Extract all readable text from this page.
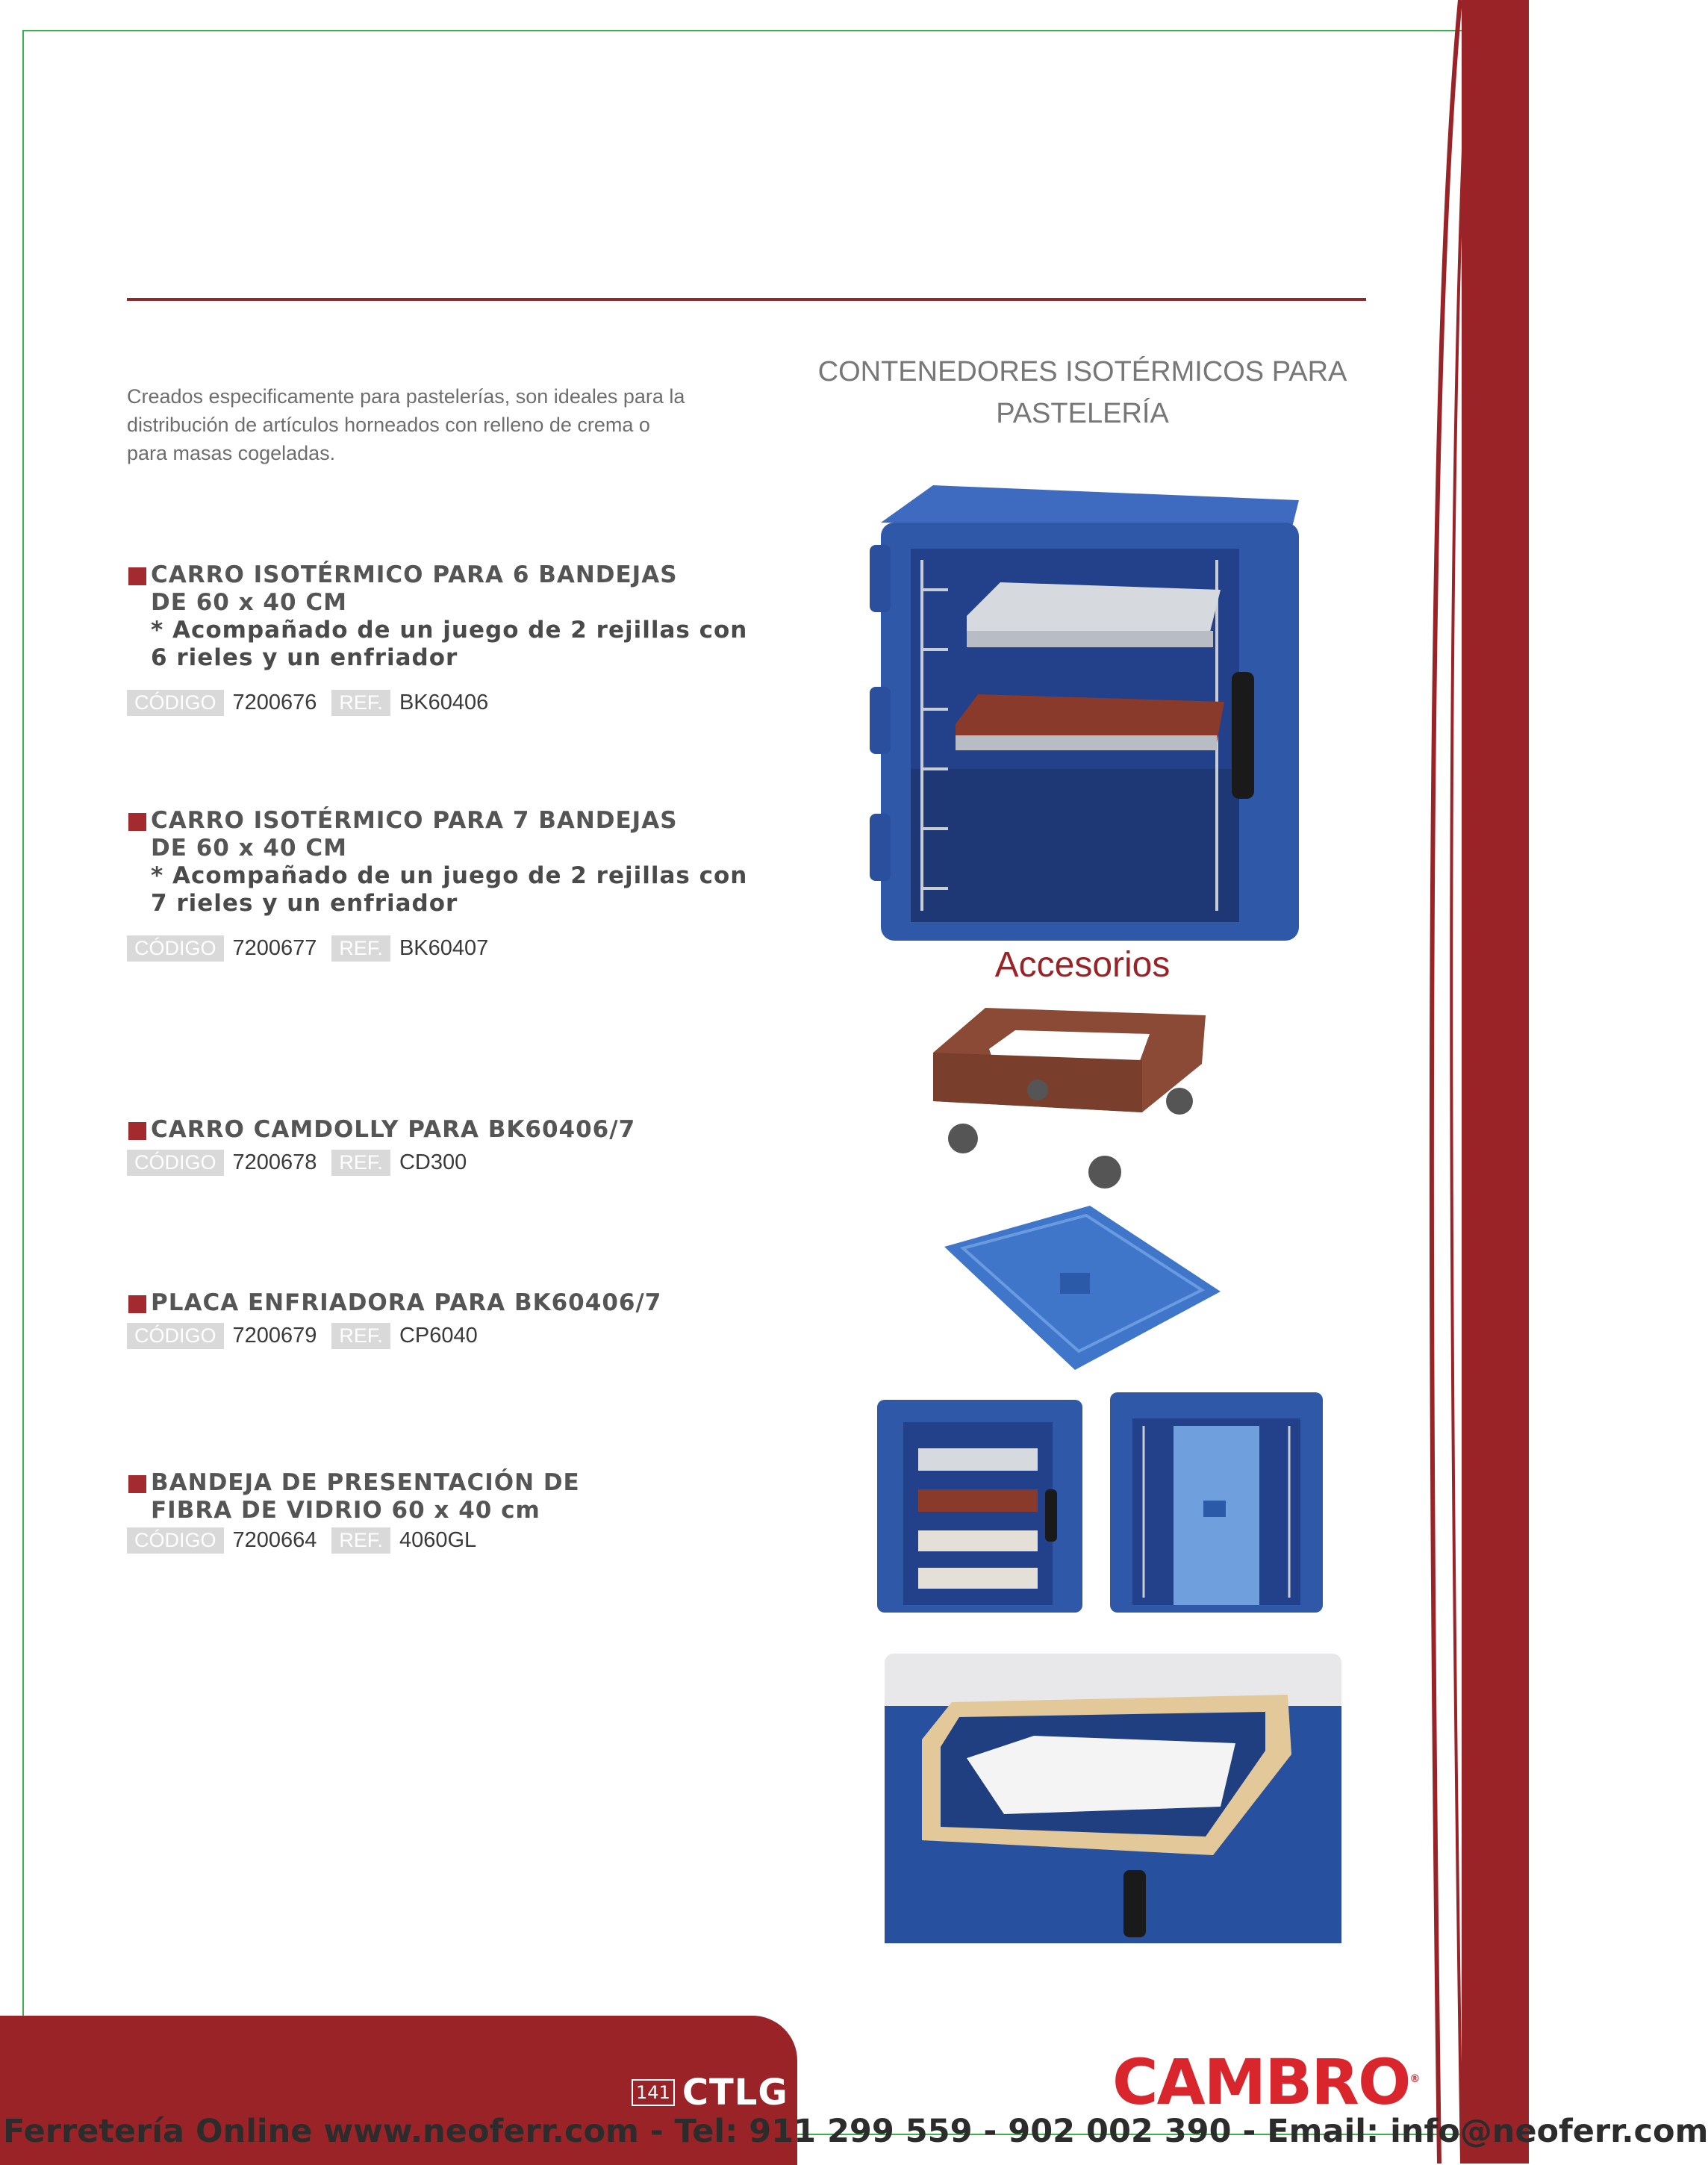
Creados especificamente para pastelerías, son ideales para la distribución de artículos horneados con relleno de crema o para masas cogeladas.
CONTENEDORES ISOTÉRMICOS PARA PASTELERÍA
CARRO ISOTÉRMICO PARA 6 BANDEJAS
DE 60 x 40 CM
* Acompañado de un juego de 2 rejillas con
6 rieles y un enfriador
CÓDIGO 7200676	REF. BK60406
CARRO ISOTÉRMICO PARA 7 BANDEJAS
DE 60 x 40 CM
* Acompañado de un juego de 2 rejillas con
7 rieles y un enfriador
CÓDIGO 7200677	REF. BK60407
CARRO CAMDOLLY PARA BK60406/7
CÓDIGO 7200678	REF. CD300
PLACA ENFRIADORA PARA BK60406/7
CÓDIGO 7200679	REF. CP6040
BANDEJA DE PRESENTACIÓN DE
FIBRA DE VIDRIO 60 x 40 cm
CÓDIGO 7200664	REF. 4060GL
Accesorios
141 CTLG	CAMBRO®
Ferretería Online www.neoferr.com - Tel: 911 299 559 - 902 002 390 - Email: info@neoferr.com
